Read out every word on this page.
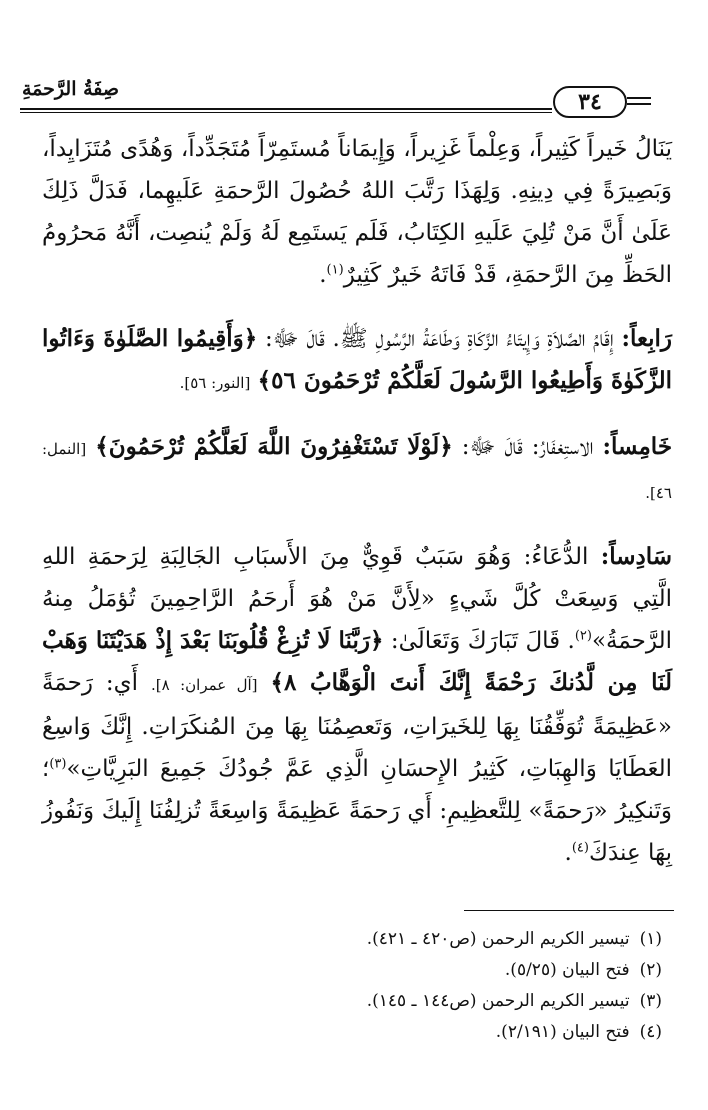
صِفَةُ الرَّحمَةِ	٣٤

يَنَالُ خَيراً كَثِيراً، وَعِلْماً غَزِيراً، وَإِيمَاناً مُستَمِرّاً مُتَجَدِّداً، وَهُدًى مُتَزَايِداً، وَبَصِيرَةً فِي دِينِهِ. وَلِهَذَا رَتَّبَ اللهُ حُصُولَ الرَّحمَةِ عَلَيهِما، فَدَلَّ ذَلِكَ عَلَىٰ أَنَّ مَنْ تُلِيَ عَلَيهِ الكِتَابُ، فَلَم يَستَمِع لَهُ وَلَمْ يُنصِت، أَنَّهُ مَحرُومُ الحَظِّ مِنَ الرَّحمَةِ، قَدْ فَاتَهُ خَيرٌ كَثِيرٌ$^{(١)}$.

رَابِعاً: إِقَامُ الصَّلاَةِ وَإِيتَاءُ الزَّكَاةِ وَطَاعَةُ الرَّسُولِ ﷺ. قَالَ ﷻ: ﴿وَأَقِيمُوا الصَّلَوٰةَ وَءَاتُوا الزَّكَوٰةَ وَأَطِيعُوا الرَّسُولَ لَعَلَّكُمْ تُرْحَمُونَ ٥٦﴾ [النور: ٥٦].

خَامِساً: الاستِغفَارُ: قَالَ ﷻ: ﴿لَوْلَا تَسْتَغْفِرُونَ اللَّهَ لَعَلَّكُمْ تُرْحَمُونَ﴾ [النمل: ٤٦].

سَادِساً: الدُّعَاءُ: وَهُوَ سَبَبٌ قَوِيٌّ مِنَ الأَسبَابِ الجَالِبَةِ لِرَحمَةِ اللهِ الَّتِي وَسِعَتْ كُلَّ شَيءٍ «لِأَنَّ مَنْ هُوَ أَرحَمُ الرَّاحِمِينَ تُؤمَلُ مِنهُ الرَّحمَةُ»$^{(٢)}$. قَالَ تَبَارَكَ وَتَعَالَىٰ: ﴿رَبَّنَا لَا تُزِغْ قُلُوبَنَا بَعْدَ إِذْ هَدَيْتَنَا وَهَبْ لَنَا مِن لَّدُنكَ رَحْمَةً إِنَّكَ أَنتَ الْوَهَّابُ ٨﴾ [آل عمران: ٨]. أَي: رَحمَةً «عَظِيمَةً تُوَفِّقُنَا بِهَا لِلخَيرَاتِ، وَتَعصِمُنَا بِهَا مِنَ المُنكَرَاتِ. إِنَّكَ وَاسِعُ العَطَايَا وَالهِبَاتِ، كَثِيرُ الإِحسَانِ الَّذِي عَمَّ جُودُكَ جَمِيعَ البَرِيَّاتِ»$^{(٣)}$؛ وَتَنكِيرُ «رَحمَةً» لِلتَّعظِيمِ: أَي رَحمَةً عَظِيمَةً وَاسِعَةً تُزلِفُنَا إِلَيكَ وَنَفُوزُ بِهَا عِندَكَ$^{(٤)}$.

(١)تيسير الكريم الرحمن (ص٤٢٠ ـ ٤٢١).
(٢)فتح البيان (٥/٢٥).
(٣)تيسير الكريم الرحمن (ص١٤٤ ـ ١٤٥).
(٤)فتح البيان (٢/١٩١).
